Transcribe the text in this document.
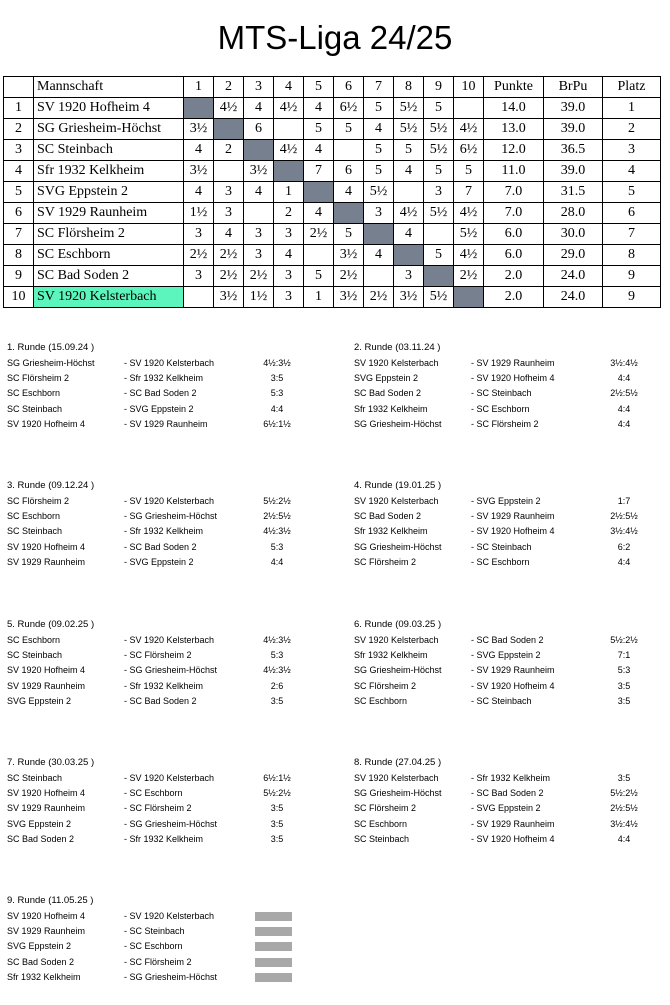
MTS-Liga 24/25
	Mannschaft	1	2	3	4	5	6	7	8	9	10	Punkte	BrPu	Platz
1	SV 1920 Hofheim 4		4½	4	4½	4	6½	5	5½	5		14.0	39.0	1
2	SG Griesheim-Höchst	3½		6		5	5	4	5½	5½	4½	13.0	39.0	2
3	SC Steinbach	4	2		4½	4		5	5	5½	6½	12.0	36.5	3
4	Sfr 1932 Kelkheim	3½		3½		7	6	5	4	5	5	11.0	39.0	4
5	SVG Eppstein 2	4	3	4	1		4	5½		3	7	7.0	31.5	5
6	SV 1929 Raunheim	1½	3		2	4		3	4½	5½	4½	7.0	28.0	6
7	SC Flörsheim 2	3	4	3	3	2½	5		4		5½	6.0	30.0	7
8	SC Eschborn	2½	2½	3	4		3½	4		5	4½	6.0	29.0	8
9	SC Bad Soden 2	3	2½	2½	3	5	2½		3		2½	2.0	24.0	9
10	SV 1920 Kelsterbach		3½	1½	3	1	3½	2½	3½	5½		2.0	24.0	9
1. Runde (15.09.24 )
SG Griesheim-Höchst	- SV 1920 Kelsterbach	4½:3½
SC Flörsheim 2	- Sfr 1932 Kelkheim	3:5
SC Eschborn	- SC Bad Soden 2	5:3
SC Steinbach	- SVG Eppstein 2	4:4
SV 1920 Hofheim 4	- SV 1929 Raunheim	6½:1½
2. Runde (03.11.24 )
SV 1920 Kelsterbach	- SV 1929 Raunheim	3½:4½
SVG Eppstein 2	- SV 1920 Hofheim 4	4:4
SC Bad Soden 2	- SC Steinbach	2½:5½
Sfr 1932 Kelkheim	- SC Eschborn	4:4
SG Griesheim-Höchst	- SC Flörsheim 2	4:4
3. Runde (09.12.24 )
SC Flörsheim 2	- SV 1920 Kelsterbach	5½:2½
SC Eschborn	- SG Griesheim-Höchst	2½:5½
SC Steinbach	- Sfr 1932 Kelkheim	4½:3½
SV 1920 Hofheim 4	- SC Bad Soden 2	5:3
SV 1929 Raunheim	- SVG Eppstein 2	4:4
4. Runde (19.01.25 )
SV 1920 Kelsterbach	- SVG Eppstein 2	1:7
SC Bad Soden 2	- SV 1929 Raunheim	2½:5½
Sfr 1932 Kelkheim	- SV 1920 Hofheim 4	3½:4½
SG Griesheim-Höchst	- SC Steinbach	6:2
SC Flörsheim 2	- SC Eschborn	4:4
5. Runde (09.02.25 )
SC Eschborn	- SV 1920 Kelsterbach	4½:3½
SC Steinbach	- SC Flörsheim 2	5:3
SV 1920 Hofheim 4	- SG Griesheim-Höchst	4½:3½
SV 1929 Raunheim	- Sfr 1932 Kelkheim	2:6
SVG Eppstein 2	- SC Bad Soden 2	3:5
6. Runde (09.03.25 )
SV 1920 Kelsterbach	- SC Bad Soden 2	5½:2½
Sfr 1932 Kelkheim	- SVG Eppstein 2	7:1
SG Griesheim-Höchst	- SV 1929 Raunheim	5:3
SC Flörsheim 2	- SV 1920 Hofheim 4	3:5
SC Eschborn	- SC Steinbach	3:5
7. Runde (30.03.25 )
SC Steinbach	- SV 1920 Kelsterbach	6½:1½
SV 1920 Hofheim 4	- SC Eschborn	5½:2½
SV 1929 Raunheim	- SC Flörsheim 2	3:5
SVG Eppstein 2	- SG Griesheim-Höchst	3:5
SC Bad Soden 2	- Sfr 1932 Kelkheim	3:5
8. Runde (27.04.25 )
SV 1920 Kelsterbach	- Sfr 1932 Kelkheim	3:5
SG Griesheim-Höchst	- SC Bad Soden 2	5½:2½
SC Flörsheim 2	- SVG Eppstein 2	2½:5½
SC Eschborn	- SV 1929 Raunheim	3½:4½
SC Steinbach	- SV 1920 Hofheim 4	4:4
9. Runde (11.05.25 )
SV 1920 Hofheim 4	- SV 1920 Kelsterbach
SV 1929 Raunheim	- SC Steinbach
SVG Eppstein 2	- SC Eschborn
SC Bad Soden 2	- SC Flörsheim 2
Sfr 1932 Kelkheim	- SG Griesheim-Höchst
